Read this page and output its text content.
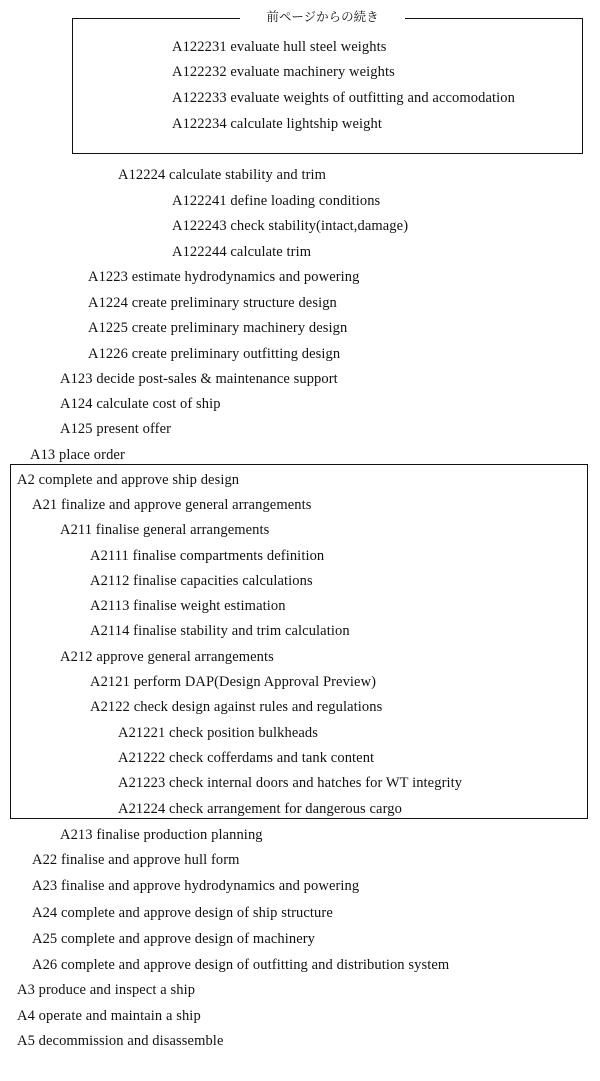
前ページからの続き
A122231 evaluate hull steel weights
A122232 evaluate machinery weights
A122233 evaluate weights of outfitting and accomodation
A122234 calculate lightship weight
A12224 calculate stability and trim
A122241 define loading conditions
A122243 check stability(intact,damage)
A122244 calculate trim
A1223 estimate hydrodynamics and powering
A1224 create preliminary structure design
A1225 create preliminary machinery design
A1226 create preliminary outfitting design
A123 decide post-sales & maintenance support
A124 calculate cost of ship
A125 present offer
A13 place order
A2 complete and approve ship design
A21 finalize and approve general arrangements
A211 finalise general arrangements
A2111 finalise compartments definition
A2112 finalise capacities calculations
A2113 finalise weight estimation
A2114 finalise stability and trim calculation
A212 approve general arrangements
A2121 perform DAP(Design Approval Preview)
A2122 check design against rules and regulations
A21221 check position bulkheads
A21222 check cofferdams and tank content
A21223 check internal doors and hatches for WT integrity
A21224 check arrangement for dangerous cargo
A213 finalise production planning
A22 finalise and approve hull form
A23 finalise and approve hydrodynamics and powering
A24 complete and approve design of ship structure
A25 complete and approve design of machinery
A26 complete and approve design of outfitting and distribution system
A3 produce and inspect a ship
A4 operate and maintain a ship
A5 decommission and disassemble
